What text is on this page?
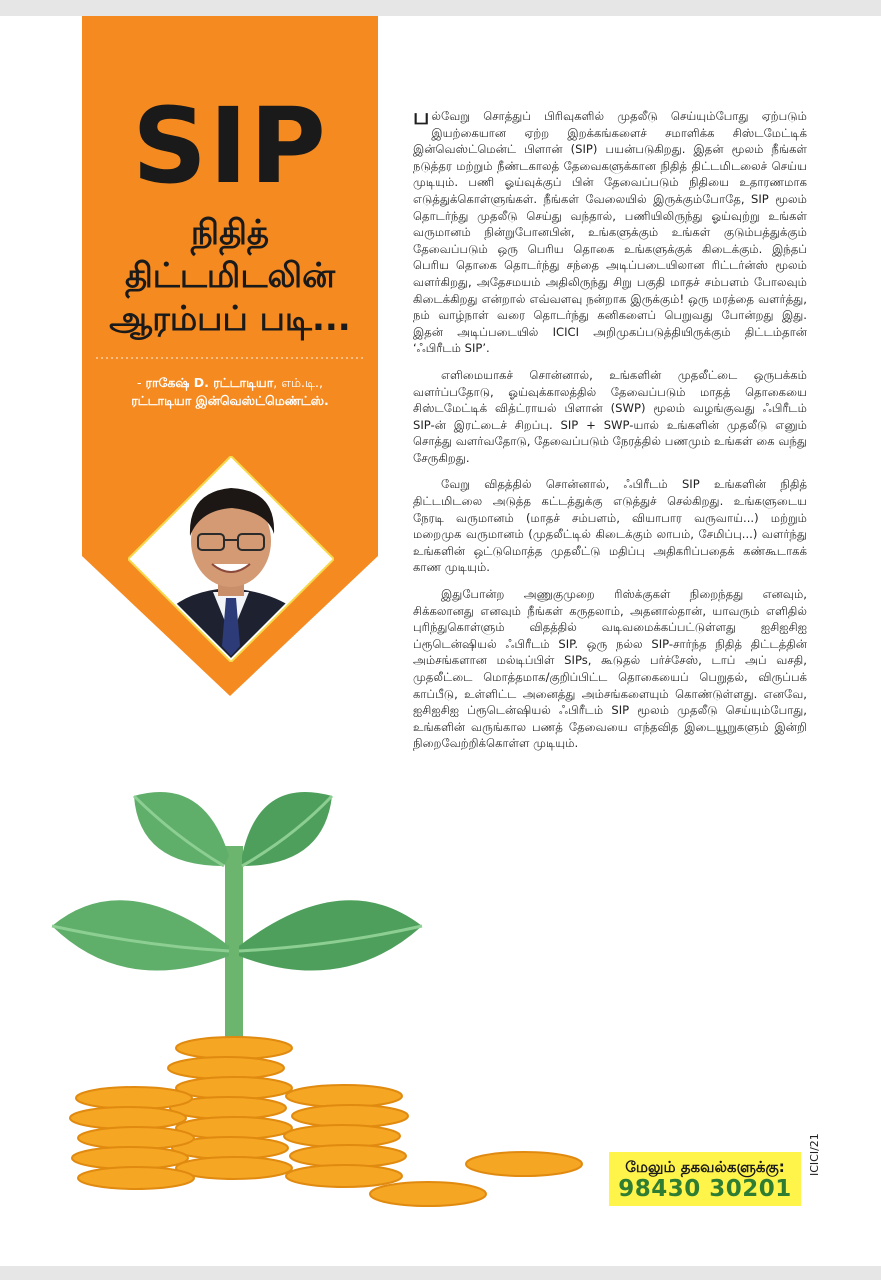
SIP
நிதித்
திட்டமிடலின்
ஆரம்பப் படி...
- ராகேஷ் D. ரட்டாடியா, எம்.டி.,
ரட்டாடியா இன்வெஸ்ட்மெண்ட்ஸ்.

பல்வேறு சொத்துப் பிரிவுகளில் முதலீடு செய்யும்போது ஏற்படும் இயற்கையான ஏற்ற இறக்கங்களைச் சமாளிக்க சிஸ்டமேட்டிக் இன்வெஸ்ட்மென்ட் பிளான் (SIP) பயன்படுகிறது. இதன் மூலம் நீங்கள் நடுத்தர மற்றும் நீண்டகாலத் தேவைகளுக்கான நிதித் திட்டமிடலைச் செய்ய முடியும். பணி ஓய்வுக்குப் பின் தேவைப்படும் நிதியை உதாரணமாக எடுத்துக்கொள்ளுங்கள். நீங்கள் வேலையில் இருக்கும்போதே, SIP மூலம் தொடர்ந்து முதலீடு செய்து வந்தால், பணியிலிருந்து ஓய்வுற்று உங்கள் வருமானம் நின்றுபோனபின், உங்களுக்கும் உங்கள் குடும்பத்துக்கும் தேவைப்படும் ஒரு பெரிய தொகை உங்களுக்குக் கிடைக்கும். இந்தப் பெரிய தொகை தொடர்ந்து சந்தை அடிப்படையிலான ரிட்டர்ன்ஸ் மூலம் வளர்கிறது, அதேசமயம் அதிலிருந்து சிறு பகுதி மாதச் சம்பளம் போலவும் கிடைக்கிறது என்றால் எவ்வளவு நன்றாக இருக்கும்! ஒரு மரத்தை வளர்த்து, நம் வாழ்நாள் வரை தொடர்ந்து கனிகளைப் பெறுவது போன்றது இது. இதன் அடிப்படையில் ICICI அறிமுகப்படுத்தியிருக்கும் திட்டம்தான் ‘ஃபிரீடம் SIP’.

எளிமையாகச் சொன்னால், உங்களின் முதலீட்டை ஒருபக்கம் வளர்ப்பதோடு, ஓய்வுக்காலத்தில் தேவைப்படும் மாதத் தொகையை சிஸ்டமேட்டிக் வித்ட்ராயல் பிளான் (SWP) மூலம் வழங்குவது ஃபிரீடம் SIP-ன் இரட்டைச் சிறப்பு. SIP + SWP-யால் உங்களின் முதலீடு எனும் சொத்து வளர்வதோடு, தேவைப்படும் நேரத்தில் பணமும் உங்கள் கை வந்து சேருகிறது.

வேறு விதத்தில் சொன்னால், ஃபிரீடம் SIP உங்களின் நிதித் திட்டமிடலை அடுத்த கட்டத்துக்கு எடுத்துச் செல்கிறது. உங்களுடைய நேரடி வருமானம் (மாதச் சம்பளம், வியாபார வருவாய்...) மற்றும் மறைமுக வருமானம் (முதலீட்டில் கிடைக்கும் லாபம், சேமிப்பு...) வளர்ந்து உங்களின் ஒட்டுமொத்த முதலீட்டு மதிப்பு அதிகரிப்பதைக் கண்கூடாகக் காண முடியும்.

இதுபோன்ற அணுகுமுறை ரிஸ்க்குகள் நிறைந்தது எனவும், சிக்கலானது எனவும் நீங்கள் கருதலாம், அதனால்தான், யாவரும் எளிதில் புரிந்துகொள்ளும் விதத்தில் வடிவமைக்கப்பட்டுள்ளது ஐசிஐசிஐ ப்ரூடென்ஷியல் ஃபிரீடம் SIP. ஒரு நல்ல SIP-சார்ந்த நிதித் திட்டத்தின் அம்சங்களான மல்டிப்பிள் SIPs, கூடுதல் பர்ச்சேஸ், டாப் அப் வசதி, முதலீட்டை மொத்தமாக/குறிப்பிட்ட தொகையைப் பெறுதல், விருப்பக் காப்பீடு, உள்ளிட்ட அனைத்து அம்சங்களையும் கொண்டுள்ளது. எனவே, ஐசிஐசிஐ ப்ரூடென்ஷியல் ஃபிரீடம் SIP மூலம் முதலீடு செய்யும்போது, உங்களின் வருங்கால பணத் தேவையை எந்தவித இடையூறுகளும் இன்றி நிறைவேற்றிக்கொள்ள முடியும்.

மேலும் தகவல்களுக்கு:
98430 30201
ICICI/21
